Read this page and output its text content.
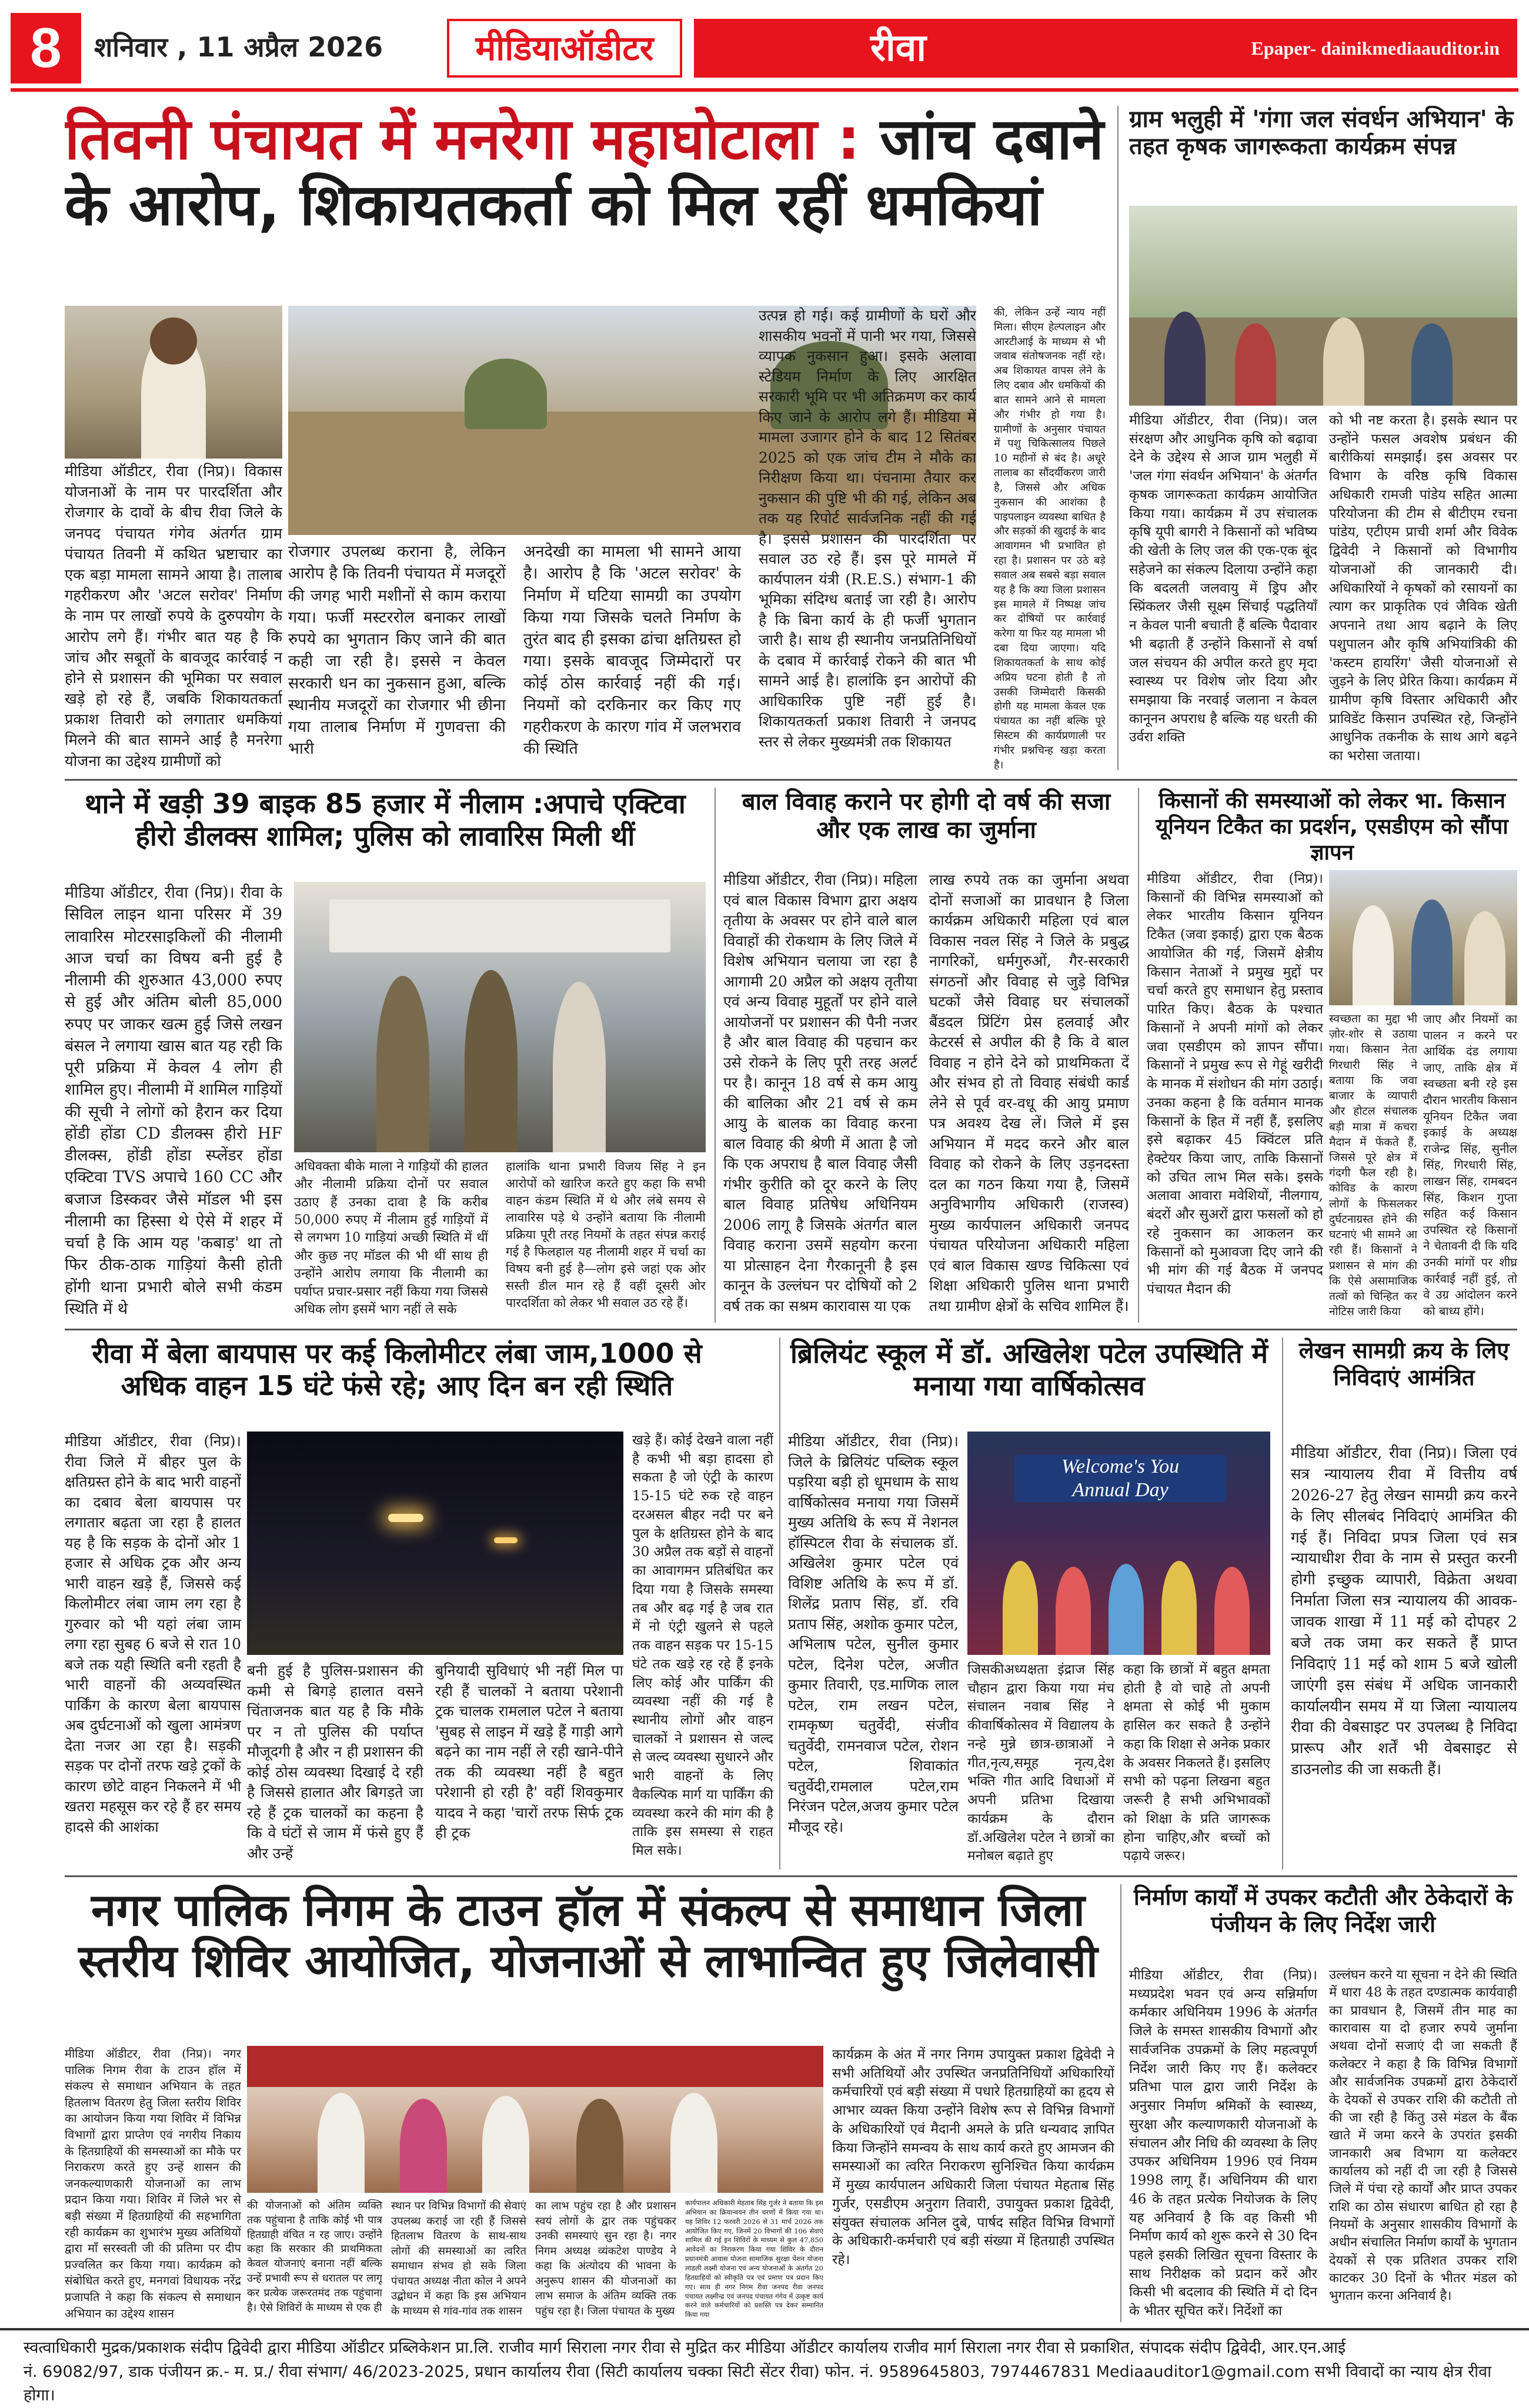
8	शनिवार , 11 अप्रैल 2026	मीडियाऑडीटर	रीवा	Epaper- dainikmediaauditor.in
तिवनी पंचायत में मनरेगा महाघोटाला : जांच दबाने के आरोप, शिकायतकर्ता को मिल रहीं धमकियां
मीडिया ऑडीटर, रीवा (निप्र)। विकास योजनाओं के नाम पर पारदर्शिता और रोजगार के दावों के बीच रीवा जिले के जनपद पंचायत गंगेव अंतर्गत ग्राम पंचायत तिवनी में कथित भ्रष्टाचार का एक बड़ा मामला सामने आया है। तालाब गहरीकरण और 'अटल सरोवर' निर्माण के नाम पर लाखों रुपये के दुरुपयोग के आरोप लगे हैं। गंभीर बात यह है कि जांच और सबूतों के बावजूद कार्रवाई न होने से प्रशासन की भूमिका पर सवाल खड़े हो रहे हैं, जबकि शिकायतकर्ता प्रकाश तिवारी को लगातार धमकियां मिलने की बात सामने आई है मनरेगा योजना का उद्देश्य ग्रामीणों को
रोजगार उपलब्ध कराना है, लेकिन आरोप है कि तिवनी पंचायत में मजदूरों की जगह भारी मशीनों से काम कराया गया। फर्जी मस्टररोल बनाकर लाखों रुपये का भुगतान किए जाने की बात कही जा रही है। इससे न केवल सरकारी धन का नुकसान हुआ, बल्कि स्थानीय मजदूरों का रोजगार भी छीना गया तालाब निर्माण में गुणवत्ता की भारी
अनदेखी का मामला भी सामने आया है। आरोप है कि 'अटल सरोवर' के निर्माण में घटिया सामग्री का उपयोग किया गया जिसके चलते निर्माण के तुरंत बाद ही इसका ढांचा क्षतिग्रस्त हो गया। इसके बावजूद जिम्मेदारों पर कोई ठोस कार्रवाई नहीं की गई। नियमों को दरकिनार कर किए गए गहरीकरण के कारण गांव में जलभराव की स्थिति
उत्पन्न हो गई। कई ग्रामीणों के घरों और शासकीय भवनों में पानी भर गया, जिससे व्यापक नुकसान हुआ। इसके अलावा स्टेडियम निर्माण के लिए आरक्षित सरकारी भूमि पर भी अतिक्रमण कर कार्य किए जाने के आरोप लगे हैं। मीडिया में मामला उजागर होने के बाद 12 सितंबर 2025 को एक जांच टीम ने मौके का निरीक्षण किया था। पंचनामा तैयार कर नुकसान की पुष्टि भी की गई, लेकिन अब तक यह रिपोर्ट सार्वजनिक नहीं की गई है। इससे प्रशासन की पारदर्शिता पर सवाल उठ रहे हैं। इस पूरे मामले में कार्यपालन यंत्री (R.E.S.) संभाग-1 की भूमिका संदिग्ध बताई जा रही है। आरोप है कि बिना कार्य के ही फर्जी भुगतान जारी है। साथ ही स्थानीय जनप्रतिनिधियों के दबाव में कार्रवाई रोकने की बात भी सामने आई है। हालांकि इन आरोपों की आधिकारिक पुष्टि नहीं हुई है। शिकायतकर्ता प्रकाश तिवारी ने जनपद स्तर से लेकर मुख्यमंत्री तक शिकायत
की, लेकिन उन्हें न्याय नहीं मिला। सीएम हेल्पलाइन और आरटीआई के माध्यम से भी जवाब संतोषजनक नहीं रहे। अब शिकायत वापस लेने के लिए दबाव और धमकियों की बात सामने आने से मामला और गंभीर हो गया है। ग्रामीणों के अनुसार पंचायत में पशु चिकित्सालय पिछले 10 महीनों से बंद है। अधूरे तालाब का सौंदर्यीकरण जारी है, जिससे और अधिक नुकसान की आशंका है पाइपलाइन व्यवस्था बाधित है और सड़कों की खुदाई के बाद आवागमन भी प्रभावित हो रहा है। प्रशासन पर उठे बड़े सवाल अब सबसे बड़ा सवाल यह है कि क्या जिला प्रशासन इस मामले में निष्पक्ष जांच कर दोषियों पर कार्रवाई करेगा या फिर यह मामला भी दबा दिया जाएगा। यदि शिकायतकर्ता के साथ कोई अप्रिय घटना होती है तो उसकी जिम्मेदारी किसकी होगी यह मामला केवल एक पंचायत का नहीं बल्कि पूरे सिस्टम की कार्यप्रणाली पर गंभीर प्रश्नचिन्ह खड़ा करता है।
ग्राम भलुही में 'गंगा जल संवर्धन अभियान' के तहत कृषक जागरूकता कार्यक्रम संपन्न
मीडिया ऑडीटर, रीवा (निप्र)। जल संरक्षण और आधुनिक कृषि को बढ़ावा देने के उद्देश्य से आज ग्राम भलुही में 'जल गंगा संवर्धन अभियान' के अंतर्गत कृषक जागरूकता कार्यक्रम आयोजित किया गया। कार्यक्रम में उप संचालक कृषि यूपी बागरी ने किसानों को भविष्य की खेती के लिए जल की एक-एक बूंद सहेजने का संकल्प दिलाया उन्होंने कहा कि बदलती जलवायु में ड्रिप और स्प्रिंकलर जैसी सूक्ष्म सिंचाई पद्धतियाँ न केवल पानी बचाती हैं बल्कि पैदावार भी बढ़ाती हैं उन्होंने किसानों से वर्षा जल संचयन की अपील करते हुए मृदा स्वास्थ्य पर विशेष जोर दिया और समझाया कि नरवाई जलाना न केवल कानूनन अपराध है बल्कि यह धरती की उर्वरा शक्ति
को भी नष्ट करता है। इसके स्थान पर उन्होंने फसल अवशेष प्रबंधन की बारीकियां समझाईं। इस अवसर पर विभाग के वरिष्ठ कृषि विकास अधिकारी रामजी पांडेय सहित आत्मा परियोजना की टीम से बीटीएम रचना पांडेय, एटीएम प्राची शर्मा और विवेक द्विवेदी ने किसानों को विभागीय योजनाओं की जानकारी दी। अधिकारियों ने कृषकों को रसायनों का त्याग कर प्राकृतिक एवं जैविक खेती अपनाने तथा आय बढ़ाने के लिए पशुपालन और कृषि अभियांत्रिकी की 'कस्टम हायरिंग' जैसी योजनाओं से जुड़ने के लिए प्रेरित किया। कार्यक्रम में ग्रामीण कृषि विस्तार अधिकारी और प्राविडेंट किसान उपस्थित रहे, जिन्होंने आधुनिक तकनीक के साथ आगे बढ़ने का भरोसा जताया।
थाने में खड़ी 39 बाइक 85 हजार में नीलाम :अपाचे एक्टिवा हीरो डीलक्स शामिल; पुलिस को लावारिस मिली थीं
मीडिया ऑडीटर, रीवा (निप्र)। रीवा के सिविल लाइन थाना परिसर में 39 लावारिस मोटरसाइकिलों की नीलामी आज चर्चा का विषय बनी हुई है नीलामी की शुरुआत 43,000 रुपए से हुई और अंतिम बोली 85,000 रुपए पर जाकर खत्म हुई जिसे लखन बंसल ने लगाया खास बात यह रही कि पूरी प्रक्रिया में केवल 4 लोग ही शामिल हुए। नीलामी में शामिल गाड़ियों की सूची ने लोगों को हैरान कर दिया होंडी होंडा CD डीलक्स हीरो HF डीलक्स, होंडी होंडा स्प्लेंडर होंडा एक्टिवा TVS अपाचे 160 CC और बजाज डिस्कवर जैसे मॉडल भी इस नीलामी का हिस्सा थे ऐसे में शहर में चर्चा है कि आम यह 'कबाड़' था तो फिर ठीक-ठाक गाड़ियां कैसी होती होंगी थाना प्रभारी बोले सभी कंडम स्थिति में थे
अधिवक्ता बीके माला ने गाड़ियों की हालत और नीलामी प्रक्रिया दोनों पर सवाल उठाए हैं उनका दावा है कि करीब 50,000 रुपए में नीलाम हुई गाड़ियों में से लगभग 10 गाड़ियां अच्छी स्थिति में थीं और कुछ नए मॉडल की भी थीं साथ ही उन्होंने आरोप लगाया कि नीलामी का पर्याप्त प्रचार-प्रसार नहीं किया गया जिससे अधिक लोग इसमें भाग नहीं ले सके
हालांकि थाना प्रभारी विजय सिंह ने इन आरोपों को खारिज करते हुए कहा कि सभी वाहन कंडम स्थिति में थे और लंबे समय से लावारिस पड़े थे उन्होंने बताया कि नीलामी प्रक्रिया पूरी तरह नियमों के तहत संपन्न कराई गई है फिलहाल यह नीलामी शहर में चर्चा का विषय बनी हुई है—लोग इसे जहां एक ओर सस्ती डील मान रहे हैं वहीं दूसरी ओर पारदर्शिता को लेकर भी सवाल उठ रहे हैं।
बाल विवाह कराने पर होगी दो वर्ष की सजा और एक लाख का जुर्माना
मीडिया ऑडीटर, रीवा (निप्र)। महिला एवं बाल विकास विभाग द्वारा अक्षय तृतीया के अवसर पर होने वाले बाल विवाहों की रोकथाम के लिए जिले में विशेष अभियान चलाया जा रहा है आगामी 20 अप्रैल को अक्षय तृतीया एवं अन्य विवाह मुहूर्तों पर होने वाले आयोजनों पर प्रशासन की पैनी नजर है और बाल विवाह की पहचान कर उसे रोकने के लिए पूरी तरह अलर्ट पर है। कानून 18 वर्ष से कम आयु की बालिका और 21 वर्ष से कम आयु के बालक का विवाह करना बाल विवाह की श्रेणी में आता है जो कि एक अपराध है बाल विवाह जैसी गंभीर कुरीति को दूर करने के लिए बाल विवाह प्रतिषेध अधिनियम 2006 लागू है जिसके अंतर्गत बाल विवाह कराना उसमें सहयोग करना या प्रोत्साहन देना गैरकानूनी है इस कानून के उल्लंघन पर दोषियों को 2 वर्ष तक का सश्रम कारावास या एक
लाख रुपये तक का जुर्माना अथवा दोनों सजाओं का प्रावधान है जिला कार्यक्रम अधिकारी महिला एवं बाल विकास नवल सिंह ने जिले के प्रबुद्ध नागरिकों, धर्मगुरुओं, गैर-सरकारी संगठनों और विवाह से जुड़े विभिन्न घटकों जैसे विवाह घर संचालकों बैंडदल प्रिंटिंग प्रेस हलवाई और केटरर्स से अपील की है कि वे बाल विवाह न होने देने को प्राथमिकता दें और संभव हो तो विवाह संबंधी कार्ड लेने से पूर्व वर-वधू की आयु प्रमाण पत्र अवश्य देख लें। जिले में इस अभियान में मदद करने और बाल विवाह को रोकने के लिए उड़नदस्ता दल का गठन किया गया है, जिसमें अनुविभागीय अधिकारी (राजस्व) मुख्य कार्यपालन अधिकारी जनपद पंचायत परियोजना अधिकारी महिला एवं बाल विकास खण्ड चिकित्सा एवं शिक्षा अधिकारी पुलिस थाना प्रभारी तथा ग्रामीण क्षेत्रों के सचिव शामिल हैं।
किसानों की समस्याओं को लेकर भा. किसान यूनियन टिकैत का प्रदर्शन, एसडीएम को सौंपा ज्ञापन
मीडिया ऑडीटर, रीवा (निप्र)। किसानों की विभिन्न समस्याओं को लेकर भारतीय किसान यूनियन टिकैत (जवा इकाई) द्वारा एक बैठक आयोजित की गई, जिसमें क्षेत्रीय किसान नेताओं ने प्रमुख मुद्दों पर चर्चा करते हुए समाधान हेतु प्रस्ताव पारित किए। बैठक के पश्चात किसानों ने अपनी मांगों को लेकर जवा एसडीएम को ज्ञापन सौंपा। किसानों ने प्रमुख रूप से गेहूं खरीदी के मानक में संशोधन की मांग उठाई। उनका कहना है कि वर्तमान मानक किसानों के हित में नहीं हैं, इसलिए इसे बढ़ाकर 45 क्विंटल प्रति हेक्टेयर किया जाए, ताकि किसानों को उचित लाभ मिल सके। इसके अलावा आवारा मवेशियों, नीलगाय, बंदरों और सुअरों द्वारा फसलों को हो रहे नुकसान का आकलन कर किसानों को मुआवजा दिए जाने की भी मांग की गई बैठक में जनपद पंचायत मैदान की
स्वच्छता का मुद्दा भी ज़ोर-शोर से उठाया गया। किसान नेता गिरधारी सिंह ने बताया कि जवा बाजार के व्यापारी और होटल संचालक बड़ी मात्रा में कचरा मैदान में फेंकते हैं, जिससे पूरे क्षेत्र में गंदगी फैल रही है। कोविड के कारण लोगों के फिसलकर दुर्घटनाग्रस्त होने की घटनाएं भी सामने आ रही हैं। किसानों ने प्रशासन से मांग की कि ऐसे असामाजिक तत्वों को चिन्हित कर नोटिस जारी किया
जाए और नियमों का पालन न करने पर आर्थिक दंड लगाया जाए, ताकि क्षेत्र में स्वच्छता बनी रहे इस दौरान भारतीय किसान यूनियन टिकैत जवा इकाई के अध्यक्ष राजेन्द्र सिंह, सुनील सिंह, गिरधारी सिंह, लाखन सिंह, रामबदन सिंह, किशन गुप्ता सहित कई किसान उपस्थित रहे किसानों ने चेतावनी दी कि यदि उनकी मांगों पर शीघ्र कार्रवाई नहीं हुई, तो वे उग्र आंदोलन करने को बाध्य होंगे।
रीवा में बेला बायपास पर कई किलोमीटर लंबा जाम,1000 से अधिक वाहन 15 घंटे फंसे रहे; आए दिन बन रही स्थिति
मीडिया ऑडीटर, रीवा (निप्र)। रीवा जिले में बीहर पुल के क्षतिग्रस्त होने के बाद भारी वाहनों का दबाव बेला बायपास पर लगातार बढ़ता जा रहा है हालत यह है कि सड़क के दोनों ओर 1 हजार से अधिक ट्रक और अन्य भारी वाहन खड़े हैं, जिससे कई किलोमीटर लंबा जाम लग रहा है गुरुवार को भी यहां लंबा जाम लगा रहा सुबह 6 बजे से रात 10 बजे तक यही स्थिति बनी रहती है भारी वाहनों की अव्यवस्थित पार्किंग के कारण बेला बायपास अब दुर्घटनाओं को खुला आमंत्रण देता नजर आ रहा है। सड़की सड़क पर दोनों तरफ खड़े ट्रकों के कारण छोटे वाहन निकलने में भी खतरा महसूस कर रहे हैं हर समय हादसे की आशंका
बनी हुई है पुलिस-प्रशासन की कमी से बिगड़े हालात वसने चिंताजनक बात यह है कि मौके पर न तो पुलिस की पर्याप्त मौजूदगी है और न ही प्रशासन की कोई ठोस व्यवस्था दिखाई दे रही है जिससे हालात और बिगड़ते जा रहे हैं ट्रक चालकों का कहना है कि वे घंटों से जाम में फंसे हुए हैं और उन्हें
बुनियादी सुविधाएं भी नहीं मिल पा रही हैं चालकों ने बताया परेशानी ट्रक चालक रामलाल पटेल ने बताया 'सुबह से लाइन में खड़े हैं गाड़ी आगे बढ़ने का नाम नहीं ले रही खाने-पीने तक की व्यवस्था नहीं है बहुत परेशानी हो रही है' वहीं शिवकुमार यादव ने कहा 'चारों तरफ सिर्फ ट्रक ही ट्रक
खड़े हैं। कोई देखने वाला नहीं है कभी भी बड़ा हादसा हो सकता है जो एंट्री के कारण 15-15 घंटे रुक रहे वाहन दरअसल बीहर नदी पर बने पुल के क्षतिग्रस्त होने के बाद 30 अप्रैल तक बड़ों से वाहनों का आवागमन प्रतिबंधित कर दिया गया है जिसके समस्या तब और बढ़ गई है जब रात में नो एंट्री खुलने से पहले तक वाहन सड़क पर 15-15 घंटे तक खड़े रह रहे हैं इनके लिए कोई और पार्किंग की व्यवस्था नहीं की गई है स्थानीय लोगों और वाहन चालकों ने प्रशासन से जल्द से जल्द व्यवस्था सुधारने और भारी वाहनों के लिए वैकल्पिक मार्ग या पार्किंग की व्यवस्था करने की मांग की है ताकि इस समस्या से राहत मिल सके।
ब्रिलियंट स्कूल में डॉ. अखिलेश पटेल उपस्थिति में मनाया गया वार्षिकोत्सव
मीडिया ऑडीटर, रीवा (निप्र)। जिले के ब्रिलियंट पब्लिक स्कूल पड़रिया बड़ी हो धूमधाम के साथ वार्षिकोत्सव मनाया गया जिसमें मुख्य अतिथि के रूप में नेशनल हॉस्पिटल रीवा के संचालक डॉ. अखिलेश कुमार पटेल एवं विशिष्ट अतिथि के रूप में डॉ. शिलेंद्र प्रताप सिंह, डॉ. रवि प्रताप सिंह, अशोक कुमार पटेल, अभिलाष पटेल, सुनील कुमार पटेल, दिनेश पटेल, अजीत कुमार तिवारी, एड.माणिक लाल पटेल, राम लखन पटेल, रामकृष्ण चतुर्वेदी, संजीव चतुर्वेदी, रामनवाज पटेल, रोशन पटेल, शिवाकांत चतुर्वेदी,रामलाल पटेल,राम निरंजन पटेल,अजय कुमार पटेल मौजूद रहे।
Welcome's You
Annual Day
जिसकीअध्यक्षता इंद्राज सिंह चौहान द्वारा किया गया मंच संचालन नवाब सिंह ने कीवार्षिकोत्सव में विद्यालय के नन्हे मुन्ने छात्र-छात्राओं ने गीत,नृत्य,समूह नृत्य,देश भक्ति गीत आदि विधाओं में अपनी प्रतिभा दिखाया कार्यक्रम के दौरान डॉ.अखिलेश पटेल ने छात्रों का मनोबल बढ़ाते हुए
कहा कि छात्रों में बहुत क्षमता होती है वो चाहे तो अपनी क्षमता से कोई भी मुकाम हासिल कर सकते है उन्होंने कहा कि शिक्षा से अनेक प्रकार के अवसर निकलते हैं। इसलिए सभी को पढ़ना लिखना बहुत जरूरी है सभी अभिभावकों को शिक्षा के प्रति जागरूक होना चाहिए,और बच्चों को पढ़ाये जरूर।
लेखन सामग्री क्रय के लिए निविदाएं आमंत्रित
मीडिया ऑडीटर, रीवा (निप्र)। जिला एवं सत्र न्यायालय रीवा में वित्तीय वर्ष 2026-27 हेतु लेखन सामग्री क्रय करने के लिए सीलबंद निविदाएं आमंत्रित की गई हैं। निविदा प्रपत्र जिला एवं सत्र न्यायाधीश रीवा के नाम से प्रस्तुत करनी होगी इच्छुक व्यापारी, विक्रेता अथवा निर्माता जिला सत्र न्यायालय की आवक-जावक शाखा में 11 मई को दोपहर 2 बजे तक जमा कर सकते हैं प्राप्त निविदाएं 11 मई को शाम 5 बजे खोली जाएंगी इस संबंध में अधिक जानकारी कार्यालयीन समय में या जिला न्यायालय रीवा की वेबसाइट पर उपलब्ध है निविदा प्रारूप और शर्तें भी वेबसाइट से डाउनलोड की जा सकती हैं।
नगर पालिक निगम के टाउन हॉल में संकल्प से समाधान जिला स्तरीय शिविर आयोजित, योजनाओं से लाभान्वित हुए जिलेवासी
मीडिया ऑडीटर, रीवा (निप्र)। नगर पालिक निगम रीवा के टाउन हॉल में संकल्प से समाधान अभियान के तहत हितलाभ वितरण हेतु जिला स्तरीय शिविर का आयोजन किया गया शिविर में विभिन्न विभागों द्वारा प्राप्तेण एवं नगरीय निकाय के हितग्राहियों की समस्याओं का मौके पर निराकरण करते हुए उन्हें शासन की जनकल्याणकारी योजनाओं का लाभ प्रदान किया गया। शिविर में जिले भर से बड़ी संख्या में हितग्राहियों की सहभागिता रही कार्यक्रम का शुभारंभ मुख्य अतिथियों द्वारा माँ सरस्वती जी की प्रतिमा पर दीप प्रज्वलित कर किया गया। कार्यक्रम को संबोधित करते हुए, मनगवां विधायक नरेंद्र प्रजापति ने कहा कि संकल्प से समाधान अभियान का उद्देश्य शासन
की योजनाओं को अंतिम व्यक्ति तक पहुंचाना है ताकि कोई भी पात्र हितग्राही वंचित न रह जाए। उन्होंने कहा कि सरकार की प्राथमिकता केवल योजनाएं बनाना नहीं बल्कि उन्हें प्रभावी रूप से धरातल पर लागू कर प्रत्येक जरूरतमंद तक पहुंचाना है। ऐसे शिविरों के माध्यम से एक ही
स्थान पर विभिन्न विभागों की सेवाएं उपलब्ध कराई जा रही हैं जिससे हितलाभ वितरण के साथ-साथ लोगों की समस्याओं का त्वरित समाधान संभव हो सके जिला पंचायत अध्यक्ष नीता कोल ने अपने उद्बोधन में कहा कि इस अभियान के माध्यम से गांव-गांव तक शासन
का लाभ पहुंच रहा है और प्रशासन स्वयं लोगों के द्वार तक पहुंचकर उनकी समस्याएं सुन रहा है। नगर निगम अध्यक्ष व्यंकटेश पाण्डेय ने कहा कि अंत्योदय की भावना के अनुरूप शासन की योजनाओं का लाभ समाज के अंतिम व्यक्ति तक पहुंच रहा है। जिला पंचायत के मुख्य
कार्यपालन अधिकारी मेहताब सिंह गुर्जर ने बताया कि इस अभियान का क्रियान्वयन तीन चरणों में किया गया था। यह शिविर 12 फरवरी 2026 से 31 मार्च 2026 तक आयोजित किए गए, जिनमें 20 विभागों की 106 सेवाएं शामिल की गई इन शिविरों के माध्यम से कुल 47,850 आवेदनों का निराकरण किया गया शिविर के दौरान प्रधानमंत्री आवास योजना सामाजिक सुरक्षा पेंशन योजना लाडली लक्ष्मी योजना एवं अन्य योजनाओं के अंतर्गत 20 हितग्राहियों को स्वीकृति पत्र एवं प्रमाण पत्र प्रदान किए गए। साथ ही नगर निगम रीवा जनपद रीवा जनपद पंचायत लक्ष्मीन्द्र एवं जनपद पंचायत गंगेव में उत्कृष्ट कार्य करने वाले कर्मचारियों को प्रशस्ति पत्र देकर सम्मानित किया गया
कार्यक्रम के अंत में नगर निगम उपायुक्त प्रकाश द्विवेदी ने सभी अतिथियों और उपस्थित जनप्रतिनिधियों अधिकारियों कर्मचारियों एवं बड़ी संख्या में पधारे हितग्राहियों का हृदय से आभार व्यक्त किया उन्होंने विशेष रूप से विभिन्न विभागों के अधिकारियों एवं मैदानी अमले के प्रति धन्यवाद ज्ञापित किया जिन्होंने समन्वय के साथ कार्य करते हुए आमजन की समस्याओं का त्वरित निराकरण सुनिश्चित किया कार्यक्रम में मुख्य कार्यपालन अधिकारी जिला पंचायत मेहताब सिंह गुर्जर, एसडीएम अनुराग तिवारी, उपायुक्त प्रकाश द्विवेदी, संयुक्त संचालक अनिल दुबे, पार्षद सहित विभिन्न विभागों के अधिकारी-कर्मचारी एवं बड़ी संख्या में हितग्राही उपस्थित रहे।
निर्माण कार्यों में उपकर कटौती और ठेकेदारों के पंजीयन के लिए निर्देश जारी
मीडिया ऑडीटर, रीवा (निप्र)। मध्यप्रदेश भवन एवं अन्य सन्निर्माण कर्मकार अधिनियम 1996 के अंतर्गत जिले के समस्त शासकीय विभागों और सार्वजनिक उपक्रमों के लिए महत्वपूर्ण निर्देश जारी किए गए हैं। कलेक्टर प्रतिभा पाल द्वारा जारी निर्देश के अनुसार निर्माण श्रमिकों के स्वास्थ्य, सुरक्षा और कल्याणकारी योजनाओं के संचालन और निधि की व्यवस्था के लिए उपकर अधिनियम 1996 एवं नियम 1998 लागू हैं। अधिनियम की धारा 46 के तहत प्रत्येक नियोजक के लिए यह अनिवार्य है कि वह किसी भी निर्माण कार्य को शुरू करने से 30 दिन पहले इसकी लिखित सूचना विस्तार के साथ निरीक्षक को प्रदान करें और किसी भी बदलाव की स्थिति में दो दिन के भीतर सूचित करें। निर्देशों का
उल्लंघन करने या सूचना न देने की स्थिति में धारा 48 के तहत दण्डात्मक कार्यवाही का प्रावधान है, जिसमें तीन माह का कारावास या दो हजार रुपये जुर्माना अथवा दोनों सजाएं दी जा सकती हैं कलेक्टर ने कहा है कि विभिन्न विभागों और सार्वजनिक उपक्रमों द्वारा ठेकेदारों के देयकों से उपकर राशि की कटौती तो की जा रही है किंतु उसे मंडल के बैंक खाते में जमा करने के उपरांत इसकी जानकारी अब विभाग या कलेक्टर कार्यालय को नहीं दी जा रही है जिससे जिले में पंचा रहे कार्यों और प्राप्त उपकर राशि का ठोस संधारण बाधित हो रहा है नियमों के अनुसार शासकीय विभागों के अधीन संचालित निर्माण कार्यों के भुगतान देयकों से एक प्रतिशत उपकर राशि काटकर 30 दिनों के भीतर मंडल को भुगतान करना अनिवार्य है।
स्वत्वाधिकारी मुद्रक/प्रकाशक संदीप द्विवेदी द्वारा मीडिया ऑडीटर प्रब्लिकेशन प्रा.लि. राजीव मार्ग सिराला नगर रीवा से मुद्रित कर मीडिया ऑडीटर कार्यालय राजीव मार्ग सिराला नगर रीवा से प्रकाशित, संपादक संदीप द्विवेदी, आर.एन.आई
नं. 69082/97, डाक पंजीयन क्र.- म. प्र./ रीवा संभाग/ 46/2023-2025, प्रधान कार्यालय रीवा (सिटी कार्यालय चक्का सिटी सेंटर रीवा) फोन. नं. 9589645803, 7974467831 Mediaauditor1@gmail.com सभी विवादों का न्याय क्षेत्र रीवा होगा।
